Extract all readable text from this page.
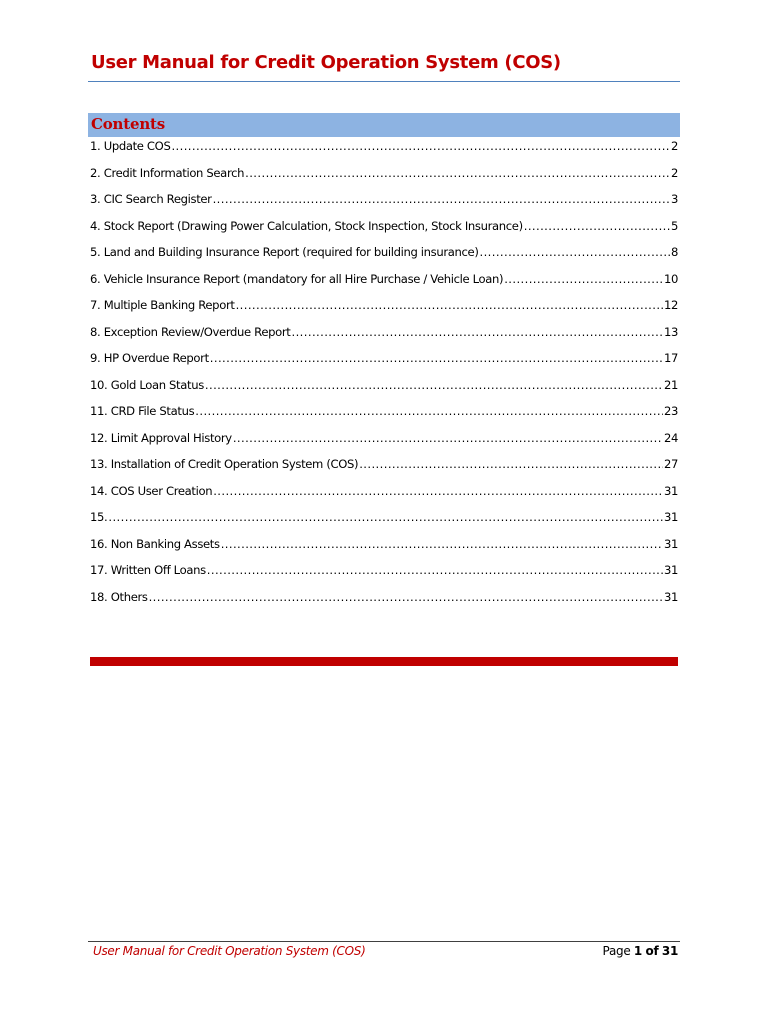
User Manual for Credit Operation System (COS)
Contents
1. Update COS .....	2
2. Credit Information Search .....	2
3. CIC Search Register .....	3
4. Stock Report (Drawing Power Calculation, Stock Inspection, Stock Insurance) .....	5
5. Land and Building Insurance Report (required for building insurance) .....	8
6. Vehicle Insurance Report (mandatory for all Hire Purchase / Vehicle Loan) .....	10
7. Multiple Banking Report .....	12
8. Exception Review/Overdue Report .....	13
9. HP Overdue Report .....	17
10. Gold Loan Status .....	21
11. CRD File Status .....	23
12. Limit Approval History .....	24
13. Installation of Credit Operation System (COS) .....	27
14. COS User Creation .....	31
15. .....	31
16. Non Banking Assets .....	31
17. Written Off Loans .....	31
18. Others .....	31
User Manual for Credit Operation System (COS)	Page 1 of 31
